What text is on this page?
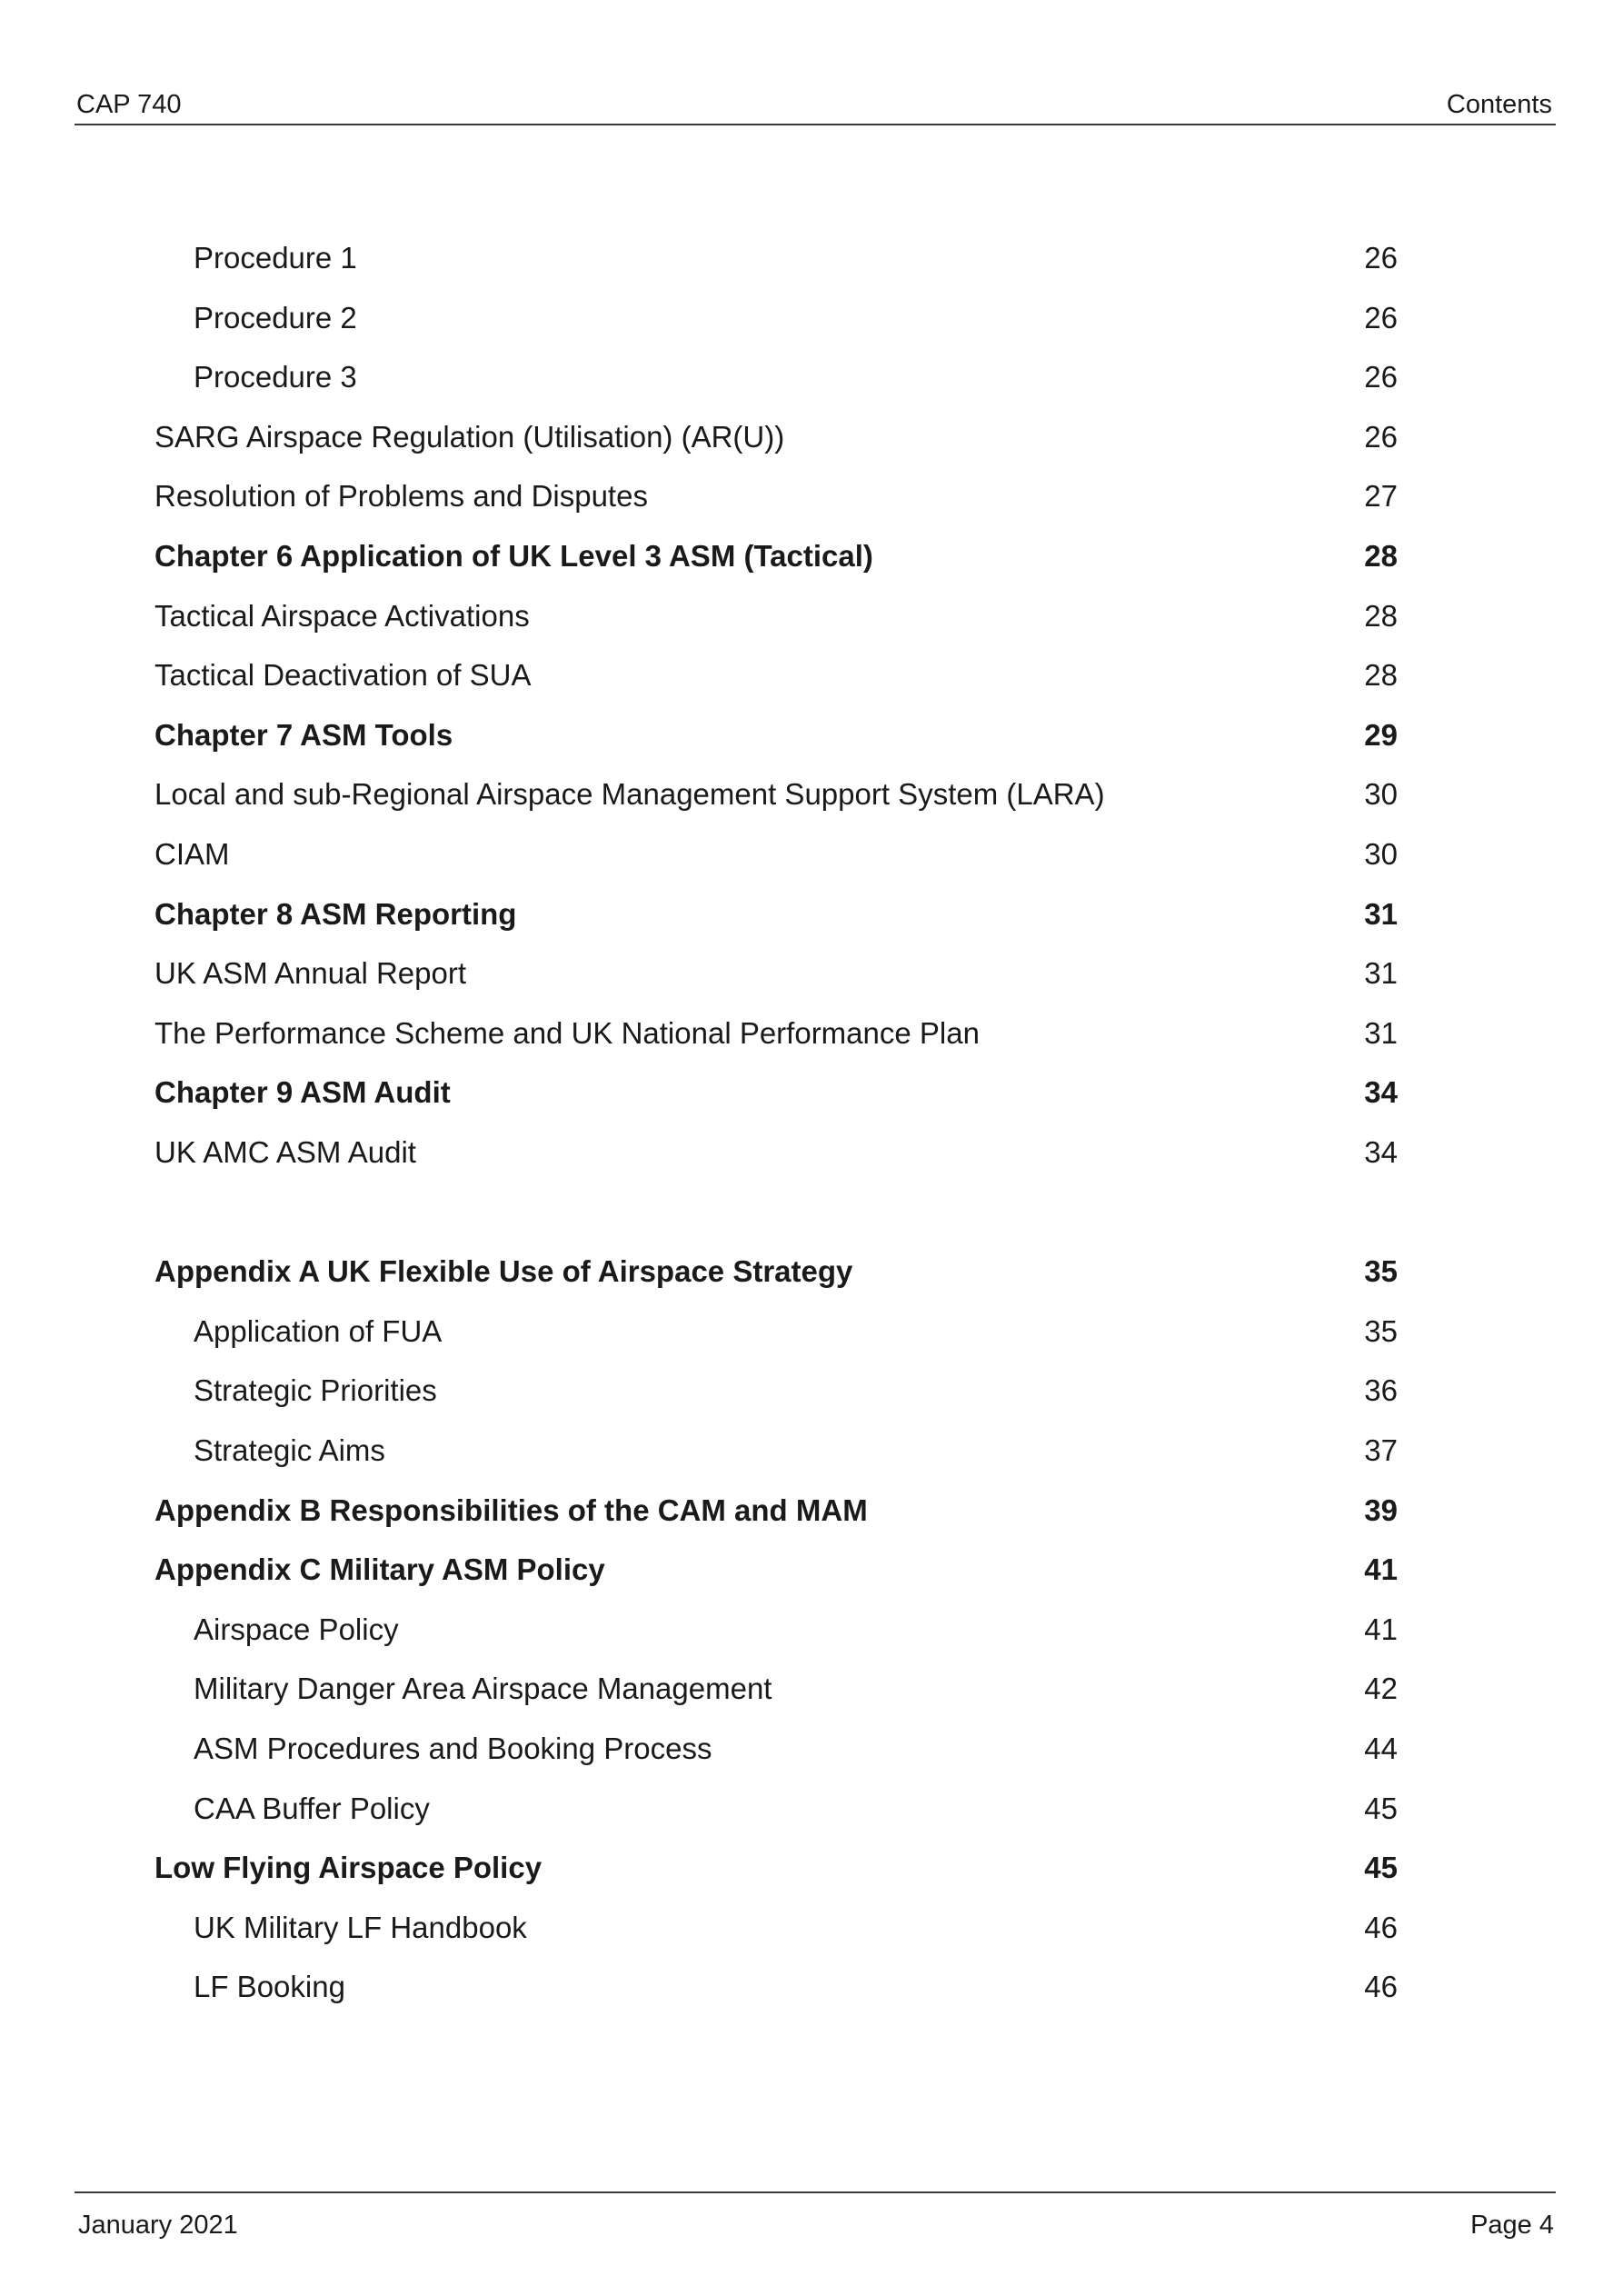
CAP 740	Contents
Procedure 1	26
Procedure 2	26
Procedure 3	26
SARG Airspace Regulation (Utilisation) (AR(U))	26
Resolution of Problems and Disputes	27
Chapter 6 Application of UK Level 3 ASM (Tactical)	28
Tactical Airspace Activations	28
Tactical Deactivation of SUA	28
Chapter 7 ASM Tools	29
Local and sub-Regional Airspace Management Support System (LARA)	30
CIAM	30
Chapter 8 ASM Reporting	31
UK ASM Annual Report	31
The Performance Scheme and UK National Performance Plan	31
Chapter 9 ASM Audit	34
UK AMC ASM Audit	34
Appendix A UK Flexible Use of Airspace Strategy	35
Application of FUA	35
Strategic Priorities	36
Strategic Aims	37
Appendix B Responsibilities of the CAM and MAM	39
Appendix C Military ASM Policy	41
Airspace Policy	41
Military Danger Area Airspace Management	42
ASM Procedures and Booking Process	44
CAA Buffer Policy	45
Low Flying Airspace Policy	45
UK Military LF Handbook	46
LF Booking	46
January 2021	Page 4
